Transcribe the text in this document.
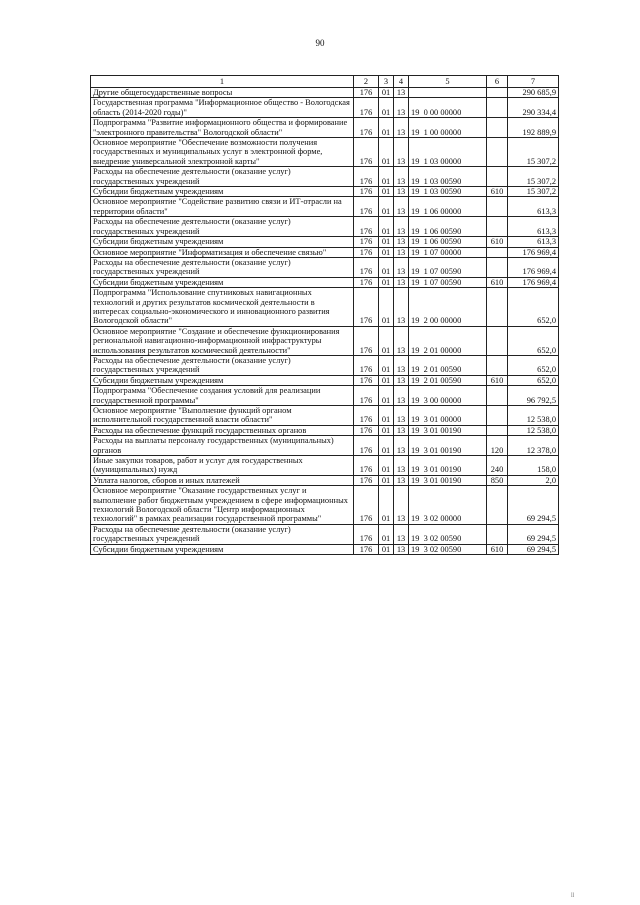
90
1	2	3	4	5	6	7
Другие общегосударственные вопросы	176	01	13			290 685,9
Государственная программа "Информационное общество - Вологодская область (2014-2020 годы)"	176	01	13	19  0 00 00000		290 334,4
Подпрограмма "Развитие информационного общества и формирование "электронного правительства" Вологодской области"	176	01	13	19  1 00 00000		192 889,9
Основное мероприятие "Обеспечение возможности получения государственных и муниципальных услуг в электронной форме, внедрение универсальной электронной карты"	176	01	13	19  1 03 00000		15 307,2
Расходы на обеспечение деятельности (оказание услуг) государственных учреждений	176	01	13	19  1 03 00590		15 307,2
Субсидии бюджетным учреждениям	176	01	13	19  1 03 00590	610	15 307,2
Основное мероприятие "Содействие развитию связи и ИТ-отрасли на территории области"	176	01	13	19  1 06 00000		613,3
Расходы на обеспечение деятельности (оказание услуг) государственных учреждений	176	01	13	19  1 06 00590		613,3
Субсидии бюджетным учреждениям	176	01	13	19  1 06 00590	610	613,3
Основное мероприятие "Информатизация и обеспечение связью"	176	01	13	19  1 07 00000		176 969,4
Расходы на обеспечение деятельности (оказание услуг) государственных учреждений	176	01	13	19  1 07 00590		176 969,4
Субсидии бюджетным учреждениям	176	01	13	19  1 07 00590	610	176 969,4
Подпрограмма "Использование спутниковых навигационных технологий и других результатов космической деятельности в интересах социально-экономического и инновационного развития Вологодской области"	176	01	13	19  2 00 00000		652,0
Основное мероприятие "Создание и обеспечение функционирования региональной навигационно-информационной инфраструктуры использования результатов космической деятельности"	176	01	13	19  2 01 00000		652,0
Расходы на обеспечение деятельности (оказание услуг) государственных учреждений	176	01	13	19  2 01 00590		652,0
Субсидии бюджетным учреждениям	176	01	13	19  2 01 00590	610	652,0
Подпрограмма "Обеспечение создания условий для реализации государственной программы"	176	01	13	19  3 00 00000		96 792,5
Основное мероприятие "Выполнение функций органом исполнительной государственной власти области"	176	01	13	19  3 01 00000		12 538,0
Расходы на обеспечение функций государственных органов	176	01	13	19  3 01 00190		12 538,0
Расходы на выплаты персоналу государственных (муниципальных) органов	176	01	13	19  3 01 00190	120	12 378,0
Иные закупки товаров, работ и услуг для государственных (муниципальных) нужд	176	01	13	19  3 01 00190	240	158,0
Уплата налогов, сборов и иных платежей	176	01	13	19  3 01 00190	850	2,0
Основное мероприятие "Оказание государственных услуг и выполнение работ бюджетным учреждением в сфере информационных технологий Вологодской области "Центр информационных технологий" в рамках реализации государственной программы"	176	01	13	19  3 02 00000		69 294,5
Расходы на обеспечение деятельности (оказание услуг) государственных учреждений	176	01	13	19  3 02 00590		69 294,5
Субсидии бюджетным учреждениям	176	01	13	19  3 02 00590	610	69 294,5
ll
